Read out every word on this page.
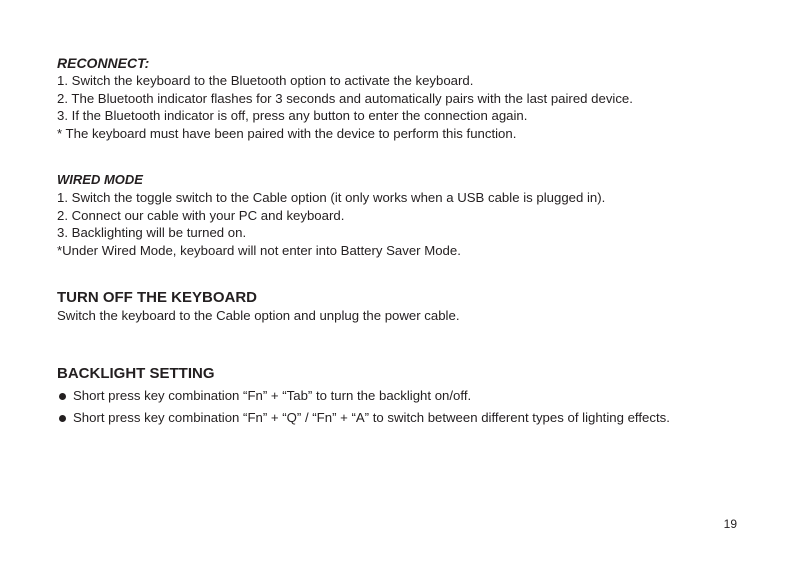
RECONNECT:

1. Switch the keyboard to the Bluetooth option to activate the keyboard.

2. The Bluetooth indicator flashes for 3 seconds and automatically pairs with the last paired device.

3. If the Bluetooth indicator is off, press any button to enter the connection again.

* The keyboard must have been paired with the device to perform this function.

WIRED MODE

1. Switch the toggle switch to the Cable option (it only works when a USB cable is plugged in).

2. Connect our cable with your PC and keyboard.

3. Backlighting will be turned on.

*Under Wired Mode, keyboard will not enter into Battery Saver Mode.

TURN OFF THE KEYBOARD

Switch the keyboard to the Cable option and unplug the power cable.

BACKLIGHT SETTING

Short press key combination “Fn” + “Tab” to turn the backlight on/off.

Short press key combination “Fn” + “Q” / “Fn” + “A” to switch between different types of lighting effects.

19
